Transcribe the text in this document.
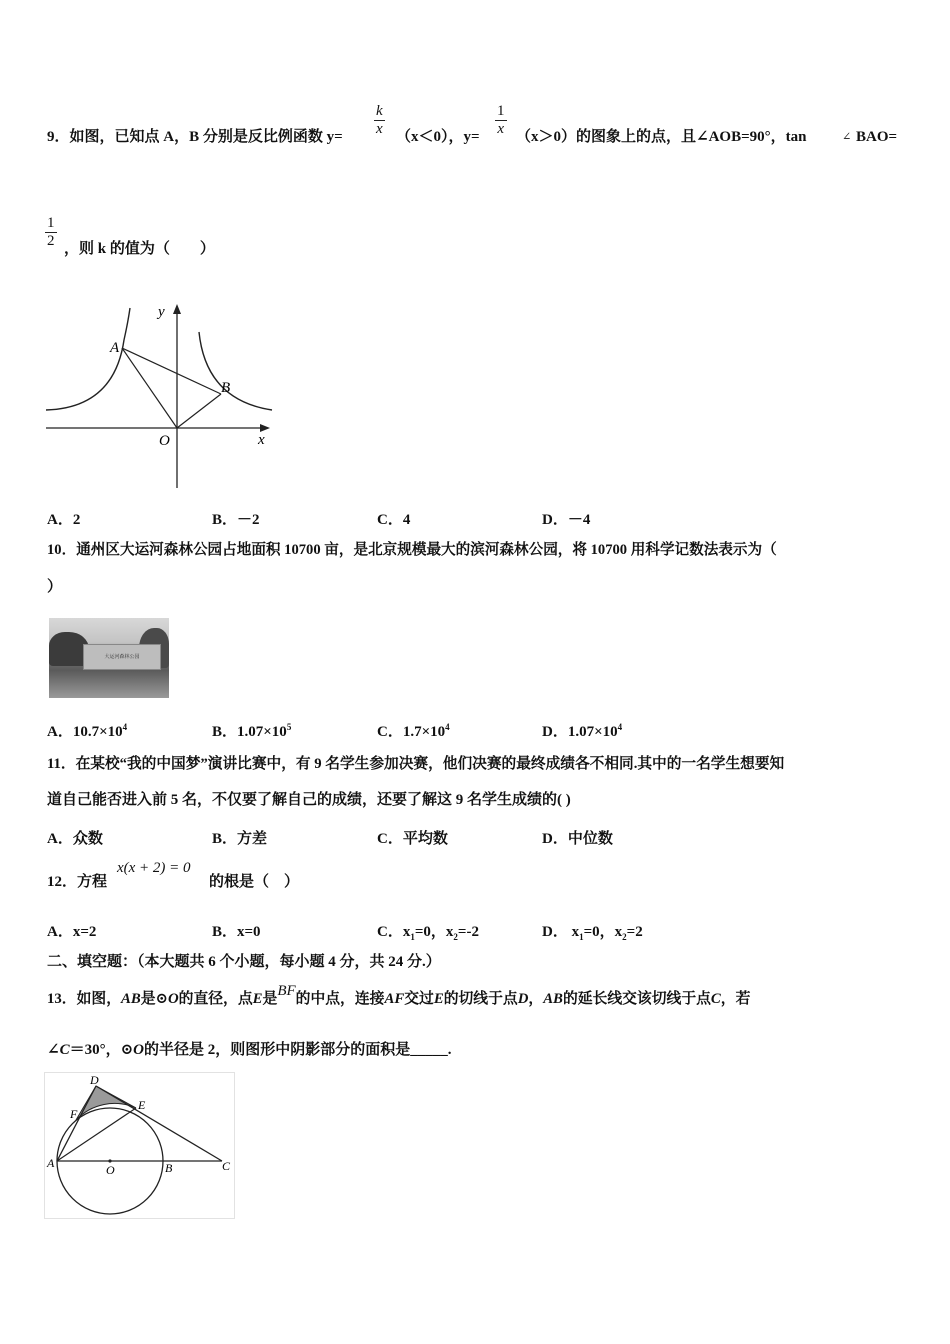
9．如图，已知点 A，B 分别是反比例函数 $y= \frac{k}{x} (x<0)$，$y= \frac{1}{x} (x>0)$的图象上的点，且∠AOB=90°，tan	∠ BAO=
$\frac{1}{2}$ ，则 k 的值为（　　）
y
x
A
B
O
A．2	B．－2	C．4	D．－4
10．通州区大运河森林公园占地面积 10700 亩，是北京规模最大的滨河森林公园，将 10700 用科学记数法表示为（
）
大运河森林公园
A．$10.7\times 10^4$	B．$1.07\times 10^5$	C．$1.7\times 10^4$	D．$1.07\times 10^4$
11．在某校“我的中国梦”演讲比赛中，有 9 名学生参加决赛，他们决赛的最终成绩各不相同.其中的一名学生想要知
道自己能否进入前 5 名，不仅要了解自己的成绩，还要了解这 9 名学生成绩的( )
A．众数	B．方差	C．平均数	D．中位数
12．方程
x(x + 2) = 0
的根是（　）
A．x=2	B．x=0	C．$x_1=0$，$x_2=-2$	D． $x_1=0$，$x_2=2$
二、填空题：（本大题共 6 个小题，每小题 4 分，共 24 分.）
13．如图，AB是⊙O的直径，点E是BF的中点，连接AF交过E的切线于点D，AB的延长线交该切线于点C，若
∠C＝30°，⊙O的半径是 2，则图形中阴影部分的面积是_____.
D
F
E
A	O	B	C
